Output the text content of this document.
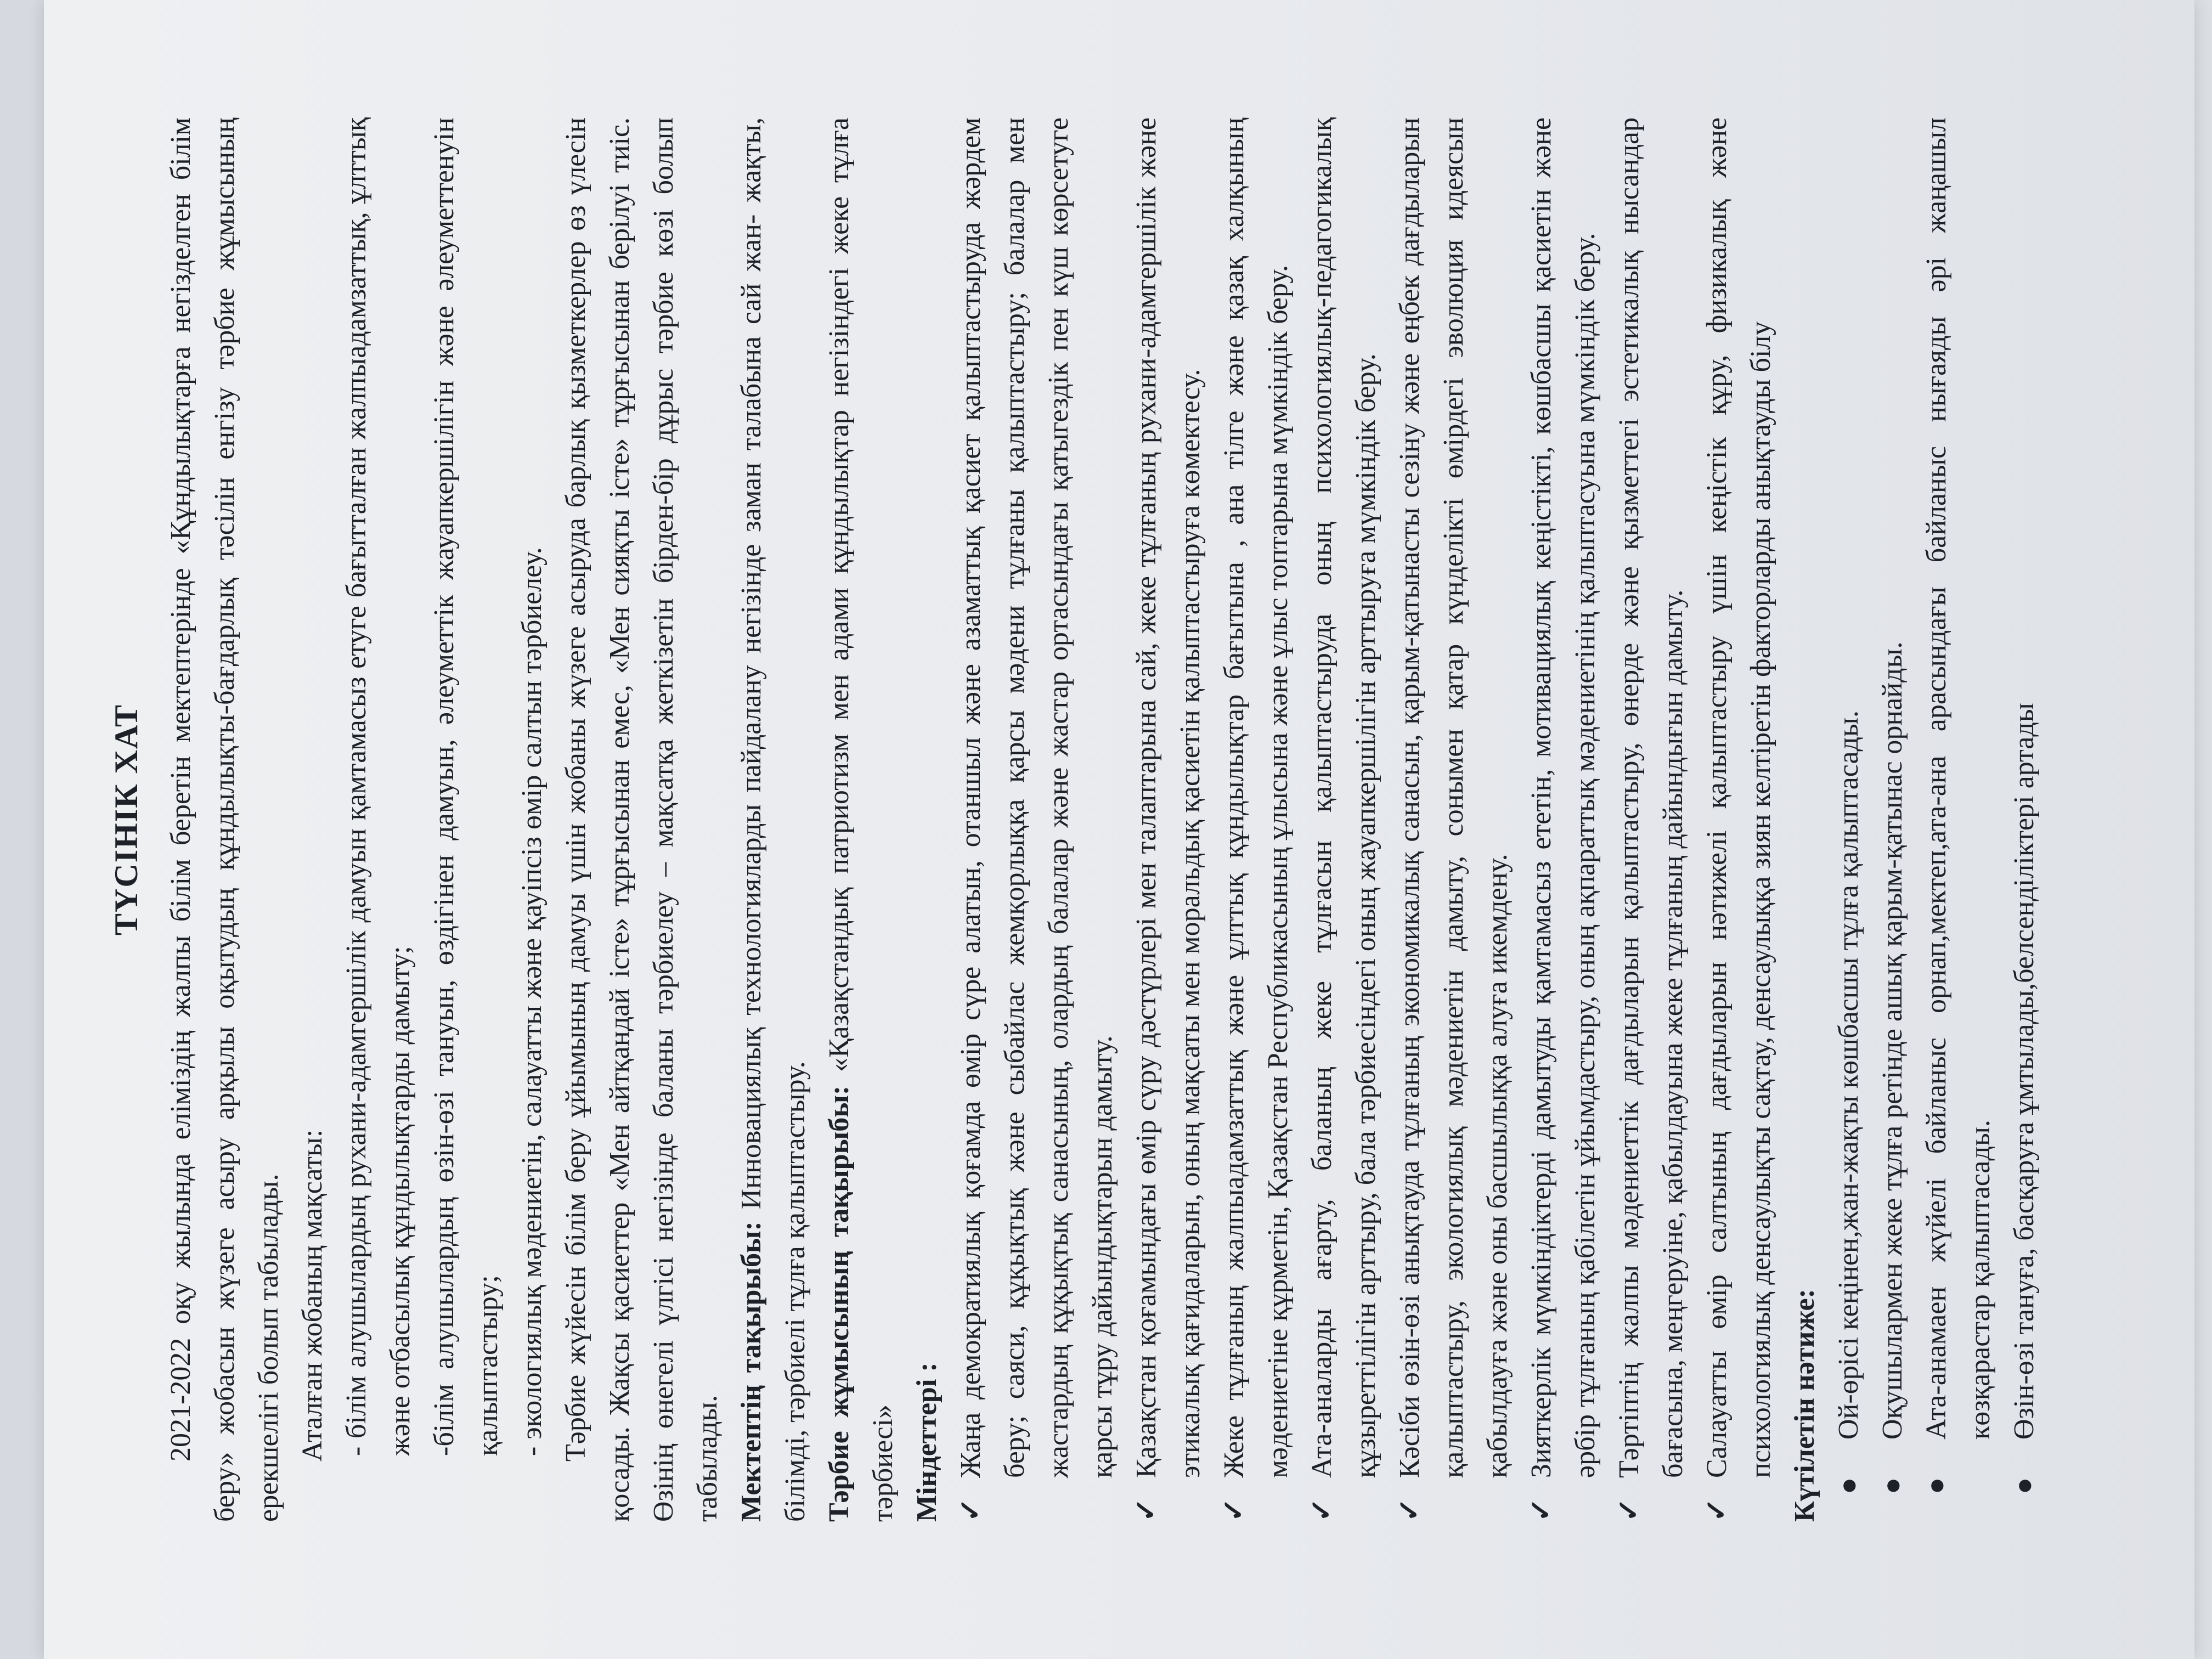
ТҮСІНІК ХАТ 2021-2022 оқу жылында еліміздің жалпы білім беретін мектептерінде «Құндылықтарға негізделген білім беру» жобасын жүзеге асыру арқылы оқытудың құндылықты-бағдарлық тәсілін енгізу тәрбие жұмысының ерекшелігі болып табылады. Аталған жобаның мақсаты: - білім алушылардың рухани-адамгершілік дамуын қамтамасыз етуге бағытталған жалпыадамзаттық, ұлттық және отбасылық құндылықтарды дамыту; -білім алушылардың өзін-өзі тануын, өздігінен дамуын, әлеуметтік жауапкершілігін және әлеуметтенуін қалыптастыру; - экологиялық мәдениетін, салауатты және қауіпсіз өмір салтын тәрбиелеу. Тәрбие жүйесін білім беру ұйымының дамуы үшін жобаны жүзеге асыруда барлық қызметкерлер өз үлесін қосады. Жақсы қасиеттер «Мен айтқандай істе» тұрғысынан емес, «Мен сияқты істе» тұрғысынан берілуі тиіс. Өзінің өнегелі үлгісі негізінде баланы тәрбиелеу – мақсатқа жеткізетін бірден-бір дұрыс тәрбие көзі болып табылады. Мектептің тақырыбы: Инновациялық технологияларды пайдалану негізінде заман талабына сай жан- жақты, білімді, тәрбиелі тұлға қалыптастыру. Тәрбие жұмысының тақырыбы: «Қазақстандық патриотизм мен адами құндылықтар негізіндегі жеке тұлға тәрбиесі» Міндеттері : ✓
Жаңа демократиялық қоғамда өмір сүре алатын, отаншыл және азаматтық қасиет қалыптастыруда жәрдем беру; саяси, құқықтық және сыбайлас жемқорлыққа қарсы мәдени тұлғаны қалыптастыру; балалар мен жастардың құқықтық санасының, олардың балалар және жастар ортасындағы қатыгездік пен күш көрсетуге қарсы тұру дайындықтарын дамыту.
✓
Қазақстан қоғамындағы өмір сүру дәстүрлері мен талаптарына сай, жеке тұлғаның рухани-адамгершілік және этикалық қағидаларын, оның мақсаты мен моральдық қасиетін қалыптастыруға көмектесу.
✓
Жеке тұлғаның жалпыадамзаттық және ұлттық құндылықтар бағытына , ана тілге және қазақ халқының мәдениетіне құрметін, Қазақстан Республикасының ұлысына және ұлыс топтарына мүмкіндік беру.
✓
Ата-аналарды ағарту, баланың жеке тұлғасын қалыптастыруда оның психологиялық-педагогикалық құзыреттілігін арттыру, бала тәрбиесіндегі оның жауапкершілігін арттыруға мүмкіндік беру.
✓
Кәсіби өзін-өзі анықтауда тұлғаның экономикалық санасын, қарым-қатынасты сезіну және еңбек дағдыларын қалыптастыру, экологиялық мәдениетін дамыту, сонымен қатар күнделікті өмірдегі эволюция идеясын қабылдауға және оны басшылыққа алуға икемдену.
✓
Зияткерлік мүмкіндіктерді дамытуды қамтамасыз ететін, мотивациялық кеңістікті, көшбасшы қасиетін және әрбір тұлғаның қабілетін ұйымдастыру, оның ақпараттық мәдениетінің қалыптасуына мүмкіндік беру.
✓
Тәртіптің жалпы мәдениеттік дағдыларын қалыптастыру, өнерде және қызметтегі эстетикалық нысандар бағасына, меңгеруіне, қабылдауына жеке тұлғаның дайындығын дамыту.
✓
Салауатты өмір салтының дағдыларын нәтижелі қалыптастыру үшін кеңістік құру, физикалық және психологиялық денсаулықты сақтау, денсаулыққа зиян келтіретін факторларды анықтауды білу Күтілетін нәтиже: ●
Ой-өрісі кеңінен,жан-жақты көшбасшы тұлға қалыптасады.
●
Оқушылармен жеке тұлға ретінде ашық қарым-қатынас орнайды.
●
Ата-анамаен жүйелі байланыс орнап,мектеп,ата-ана арасындағы байланыс нығаяды әрі жаңашыл көзқарастар қалыптасады.
●
Өзін-өзі тануға, басқаруға ұмтылады,белсенділіктері артады
